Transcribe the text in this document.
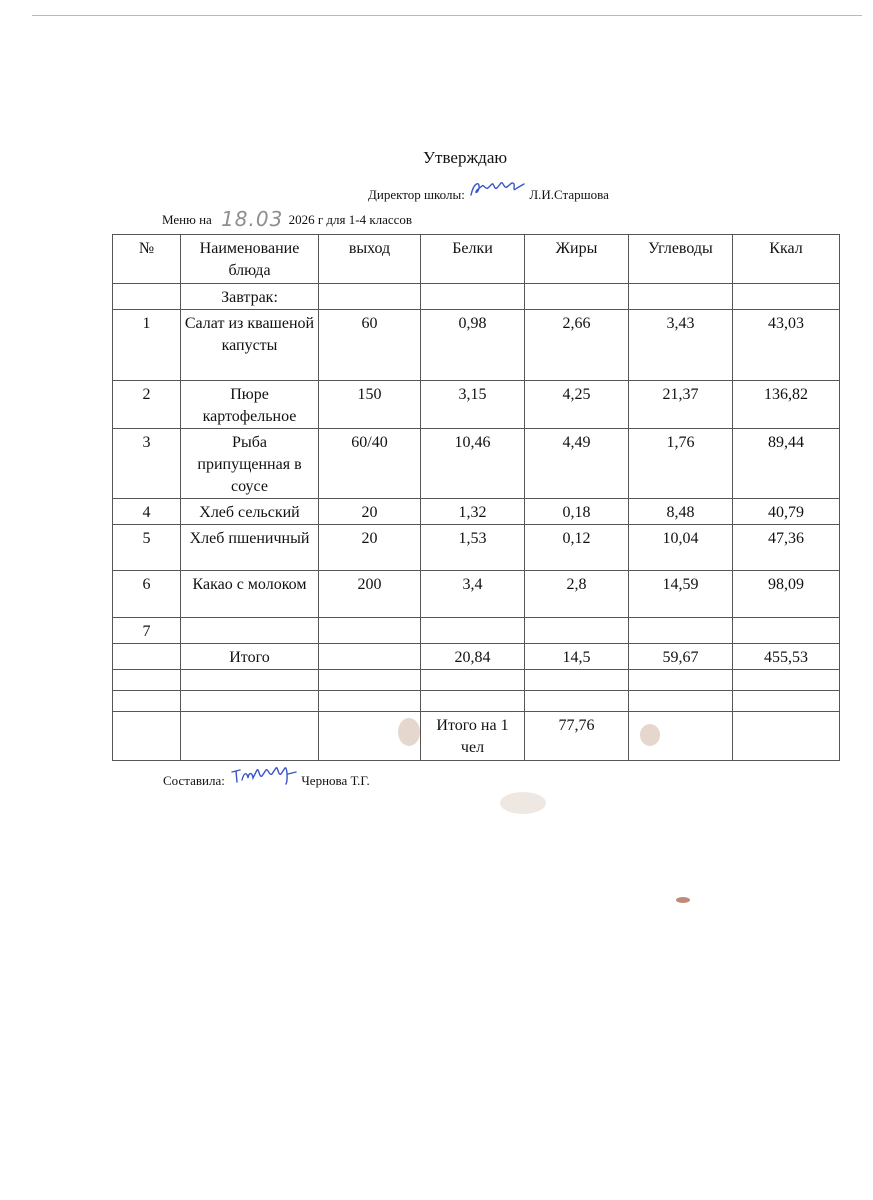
Утверждаю
Директор школы:	Л.И.Старшова
Меню на 18.03 2026 г для 1-4 классов
№	Наименование блюда	выход	Белки	Жиры	Углеводы	Ккал
	Завтрак:					
1	Салат из квашеной капусты	60	0,98	2,66	3,43	43,03
2	Пюре картофельное	150	3,15	4,25	21,37	136,82
3	Рыба припущенная в соусе	60/40	10,46	4,49	1,76	89,44
4	Хлеб сельский	20	1,32	0,18	8,48	40,79
5	Хлеб пшеничный	20	1,53	0,12	10,04	47,36
6	Какао с молоком	200	3,4	2,8	14,59	98,09
7						
	Итого		20,84	14,5	59,67	455,53

			Итого на 1 чел	77,76		
Составила:	Чернова Т.Г.
